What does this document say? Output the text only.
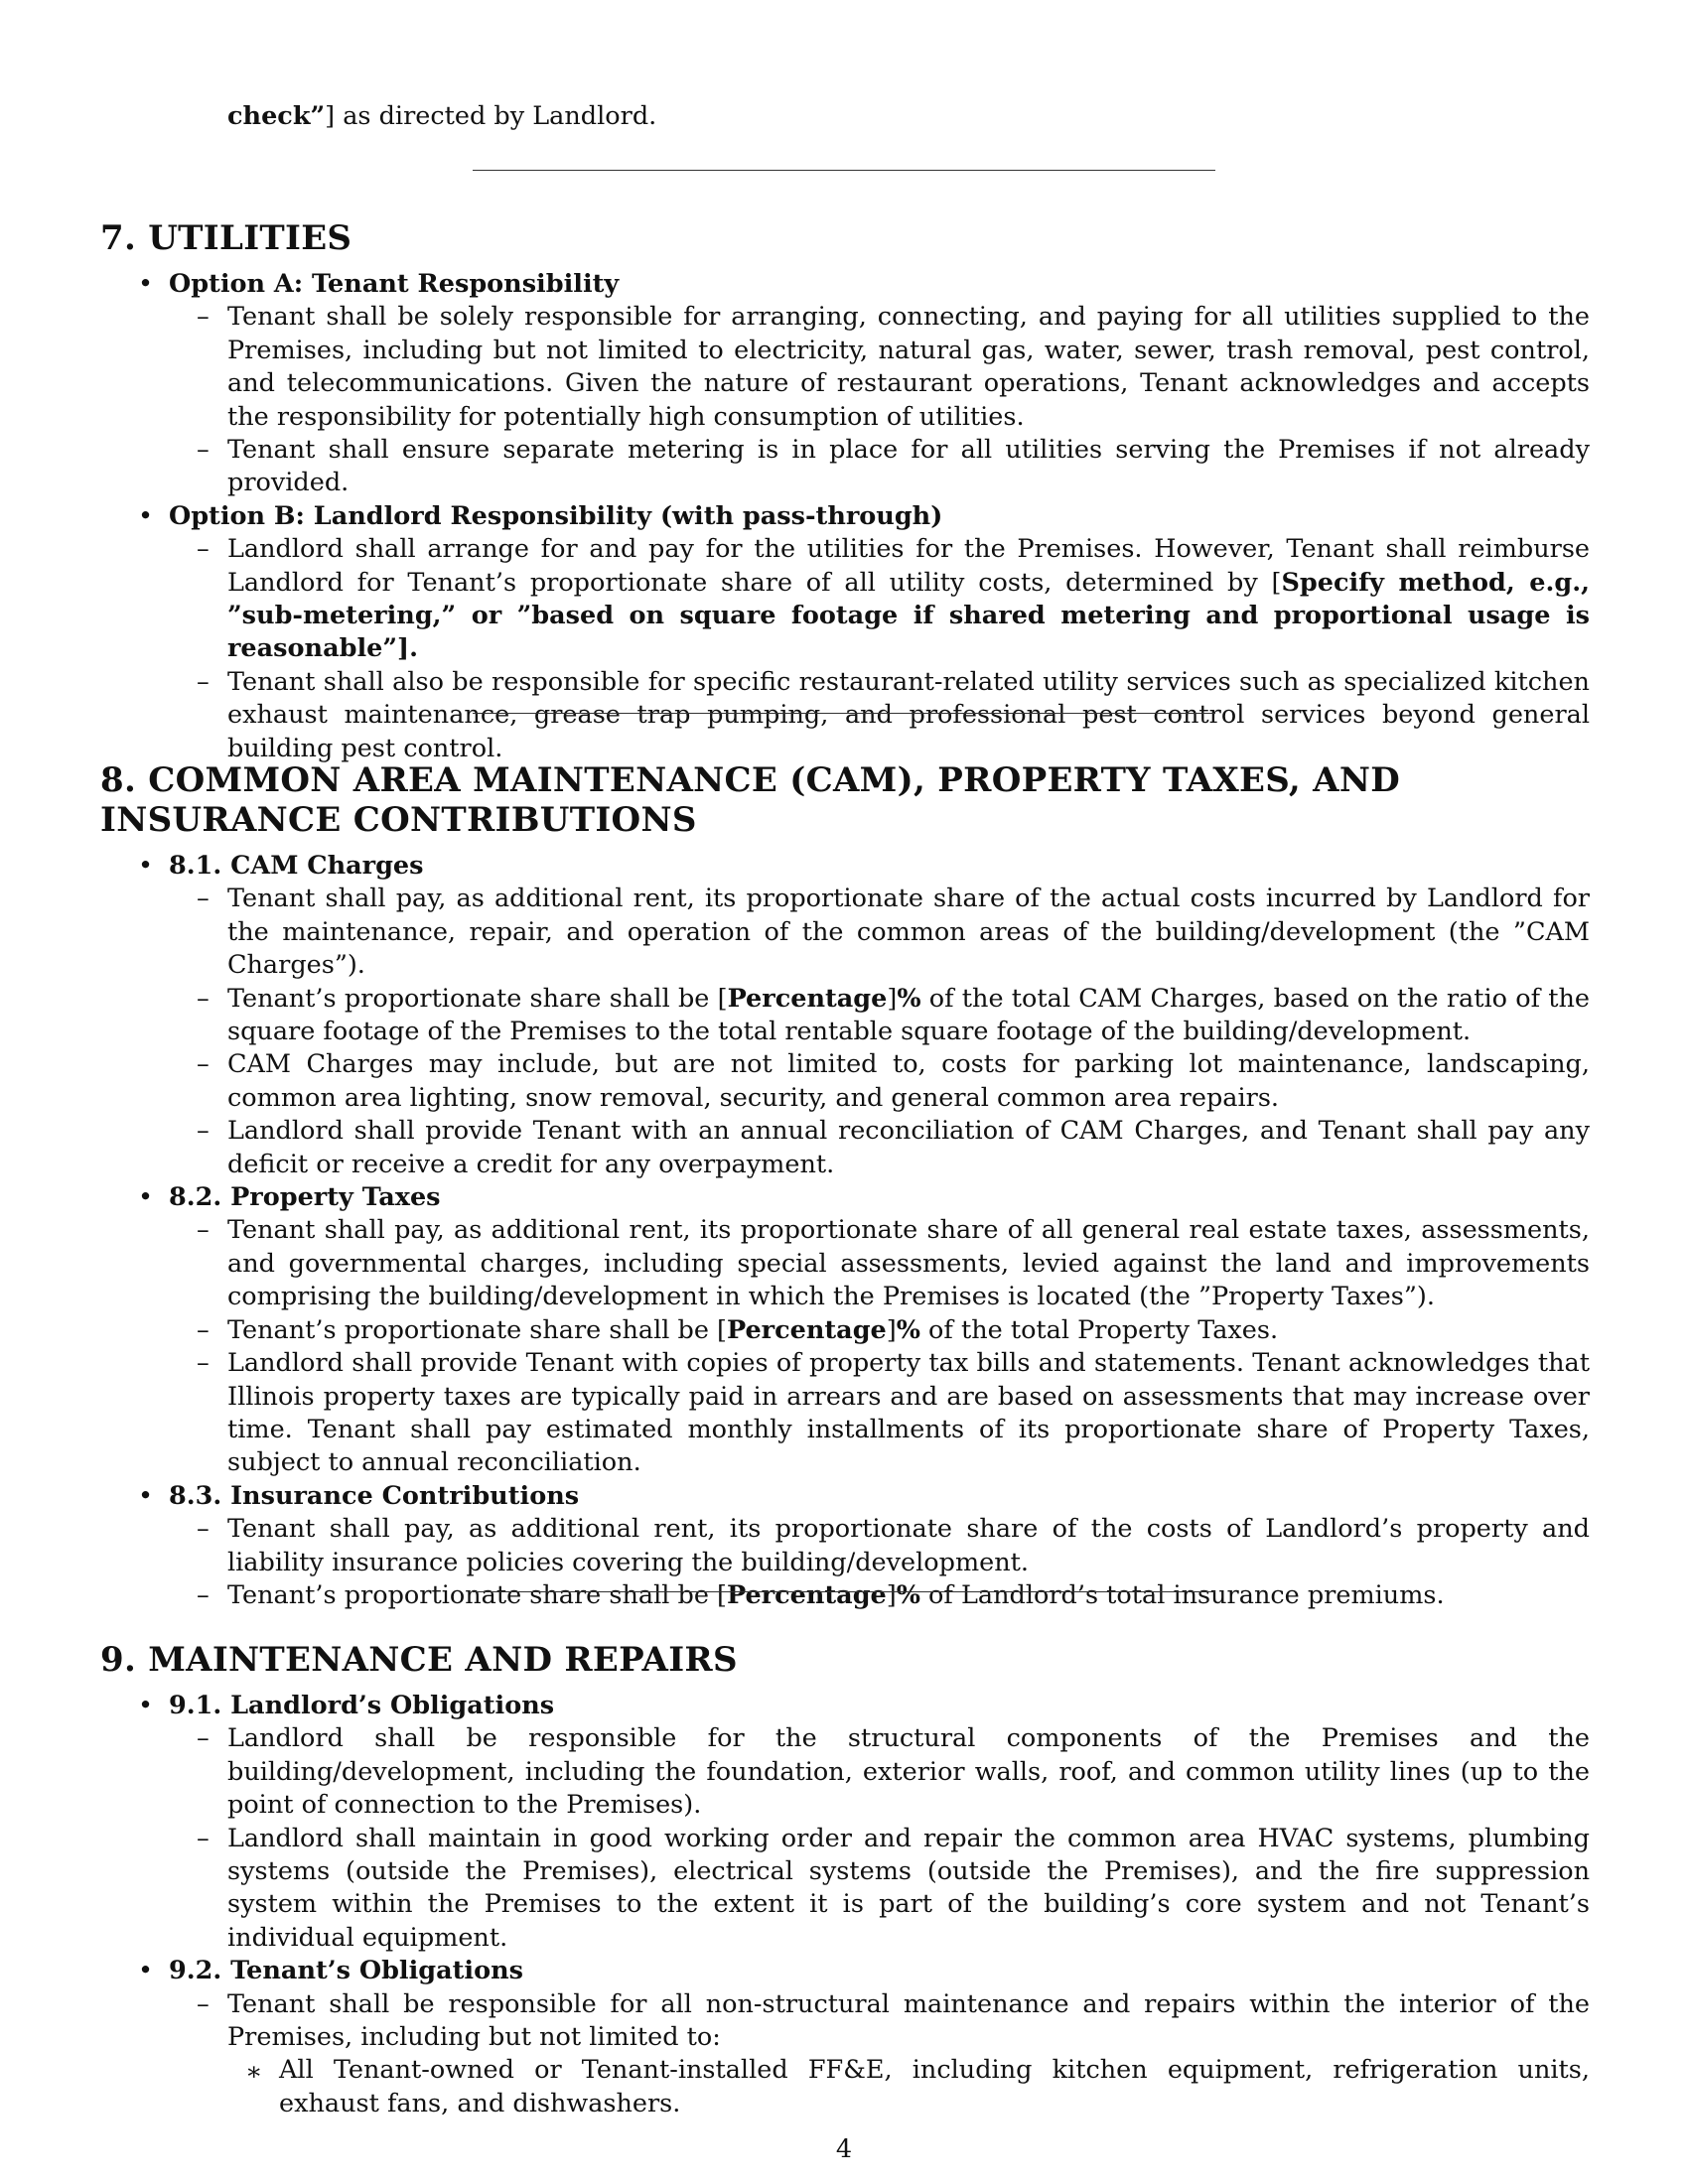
check”] as directed by Landlord.
7. UTILITIES
• Option A: Tenant Responsibility
– Tenant shall be solely responsible for arranging, connecting, and paying for all utilities supplied to the Premises, including but not limited to electricity, natural gas, water, sewer, trash removal, pest control, and telecommunications. Given the nature of restaurant operations, Tenant acknowledges and accepts the responsibility for potentially high consumption of utilities.
– Tenant shall ensure separate metering is in place for all utilities serving the Premises if not already provided.
• Option B: Landlord Responsibility (with pass-through)
– Landlord shall arrange for and pay for the utilities for the Premises. However, Tenant shall reimburse Landlord for Tenant’s proportionate share of all utility costs, determined by [Specify method, e.g., ”sub-metering,” or ”based on square footage if shared metering and proportional usage is reasonable”].
– Tenant shall also be responsible for specific restaurant-related utility services such as specialized kitchen exhaust maintenance, grease trap pumping, and professional pest control services beyond general building pest control.
8. COMMON AREA MAINTENANCE (CAM), PROPERTY TAXES, AND INSURANCE CONTRIBUTIONS
• 8.1. CAM Charges
– Tenant shall pay, as additional rent, its proportionate share of the actual costs incurred by Landlord for the maintenance, repair, and operation of the common areas of the building/development (the ”CAM Charges”).
– Tenant’s proportionate share shall be [Percentage]% of the total CAM Charges, based on the ratio of the square footage of the Premises to the total rentable square footage of the building/development.
– CAM Charges may include, but are not limited to, costs for parking lot maintenance, landscaping, common area lighting, snow removal, security, and general common area repairs.
– Landlord shall provide Tenant with an annual reconciliation of CAM Charges, and Tenant shall pay any deficit or receive a credit for any overpayment.
• 8.2. Property Taxes
– Tenant shall pay, as additional rent, its proportionate share of all general real estate taxes, assessments, and governmental charges, including special assessments, levied against the land and improvements comprising the building/development in which the Premises is located (the ”Property Taxes”).
– Tenant’s proportionate share shall be [Percentage]% of the total Property Taxes.
– Landlord shall provide Tenant with copies of property tax bills and statements. Tenant acknowledges that Illinois property taxes are typically paid in arrears and are based on assessments that may increase over time. Tenant shall pay estimated monthly installments of its proportionate share of Property Taxes, subject to annual reconciliation.
• 8.3. Insurance Contributions
– Tenant shall pay, as additional rent, its proportionate share of the costs of Landlord’s property and liability insurance policies covering the building/development.
– Tenant’s proportionate share shall be [Percentage]% of Landlord’s total insurance premiums.
9. MAINTENANCE AND REPAIRS
• 9.1. Landlord’s Obligations
– Landlord shall be responsible for the structural components of the Premises and the building/development, including the foundation, exterior walls, roof, and common utility lines (up to the point of connection to the Premises).
– Landlord shall maintain in good working order and repair the common area HVAC systems, plumbing systems (outside the Premises), electrical systems (outside the Premises), and the fire suppression system within the Premises to the extent it is part of the building’s core system and not Tenant’s individual equipment.
• 9.2. Tenant’s Obligations
– Tenant shall be responsible for all non-structural maintenance and repairs within the interior of the Premises, including but not limited to:
∗ All Tenant-owned or Tenant-installed FF&E, including kitchen equipment, refrigeration units, exhaust fans, and dishwashers.
4
